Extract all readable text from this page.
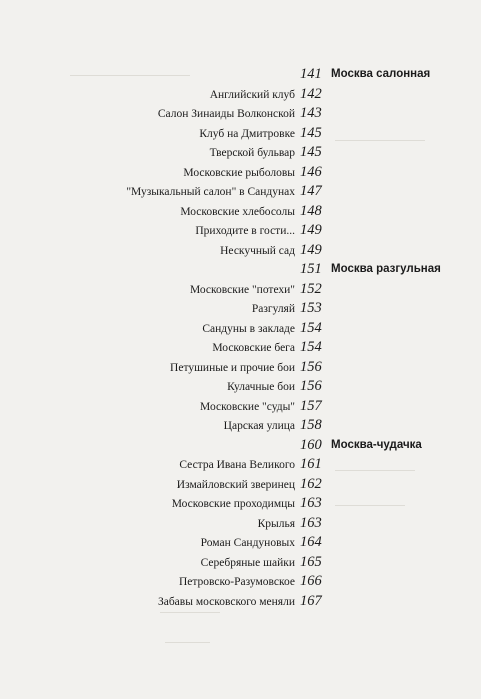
141 Москва салонная
Английский клуб 142
Салон Зинаиды Волконской 143
Клуб на Дмитровке 145
Тверской бульвар 145
Московские рыболовы 146
"Музыкальный салон" в Сандунах 147
Московские хлебосолы 148
Приходите в гости... 149
Нескучный сад 149
151 Москва разгульная
Московские "потехи" 152
Разгуляй 153
Сандуны в закладе 154
Московские бега 154
Петушиные и прочие бои 156
Кулачные бои 156
Московские "суды" 157
Царская улица 158
160 Москва-чудачка
Сестра Ивана Великого 161
Измайловский зверинец 162
Московские проходимцы 163
Крылья 163
Роман Сандуновых 164
Серебряные шайки 165
Петровско-Разумовское 166
Забавы московского меняли 167
